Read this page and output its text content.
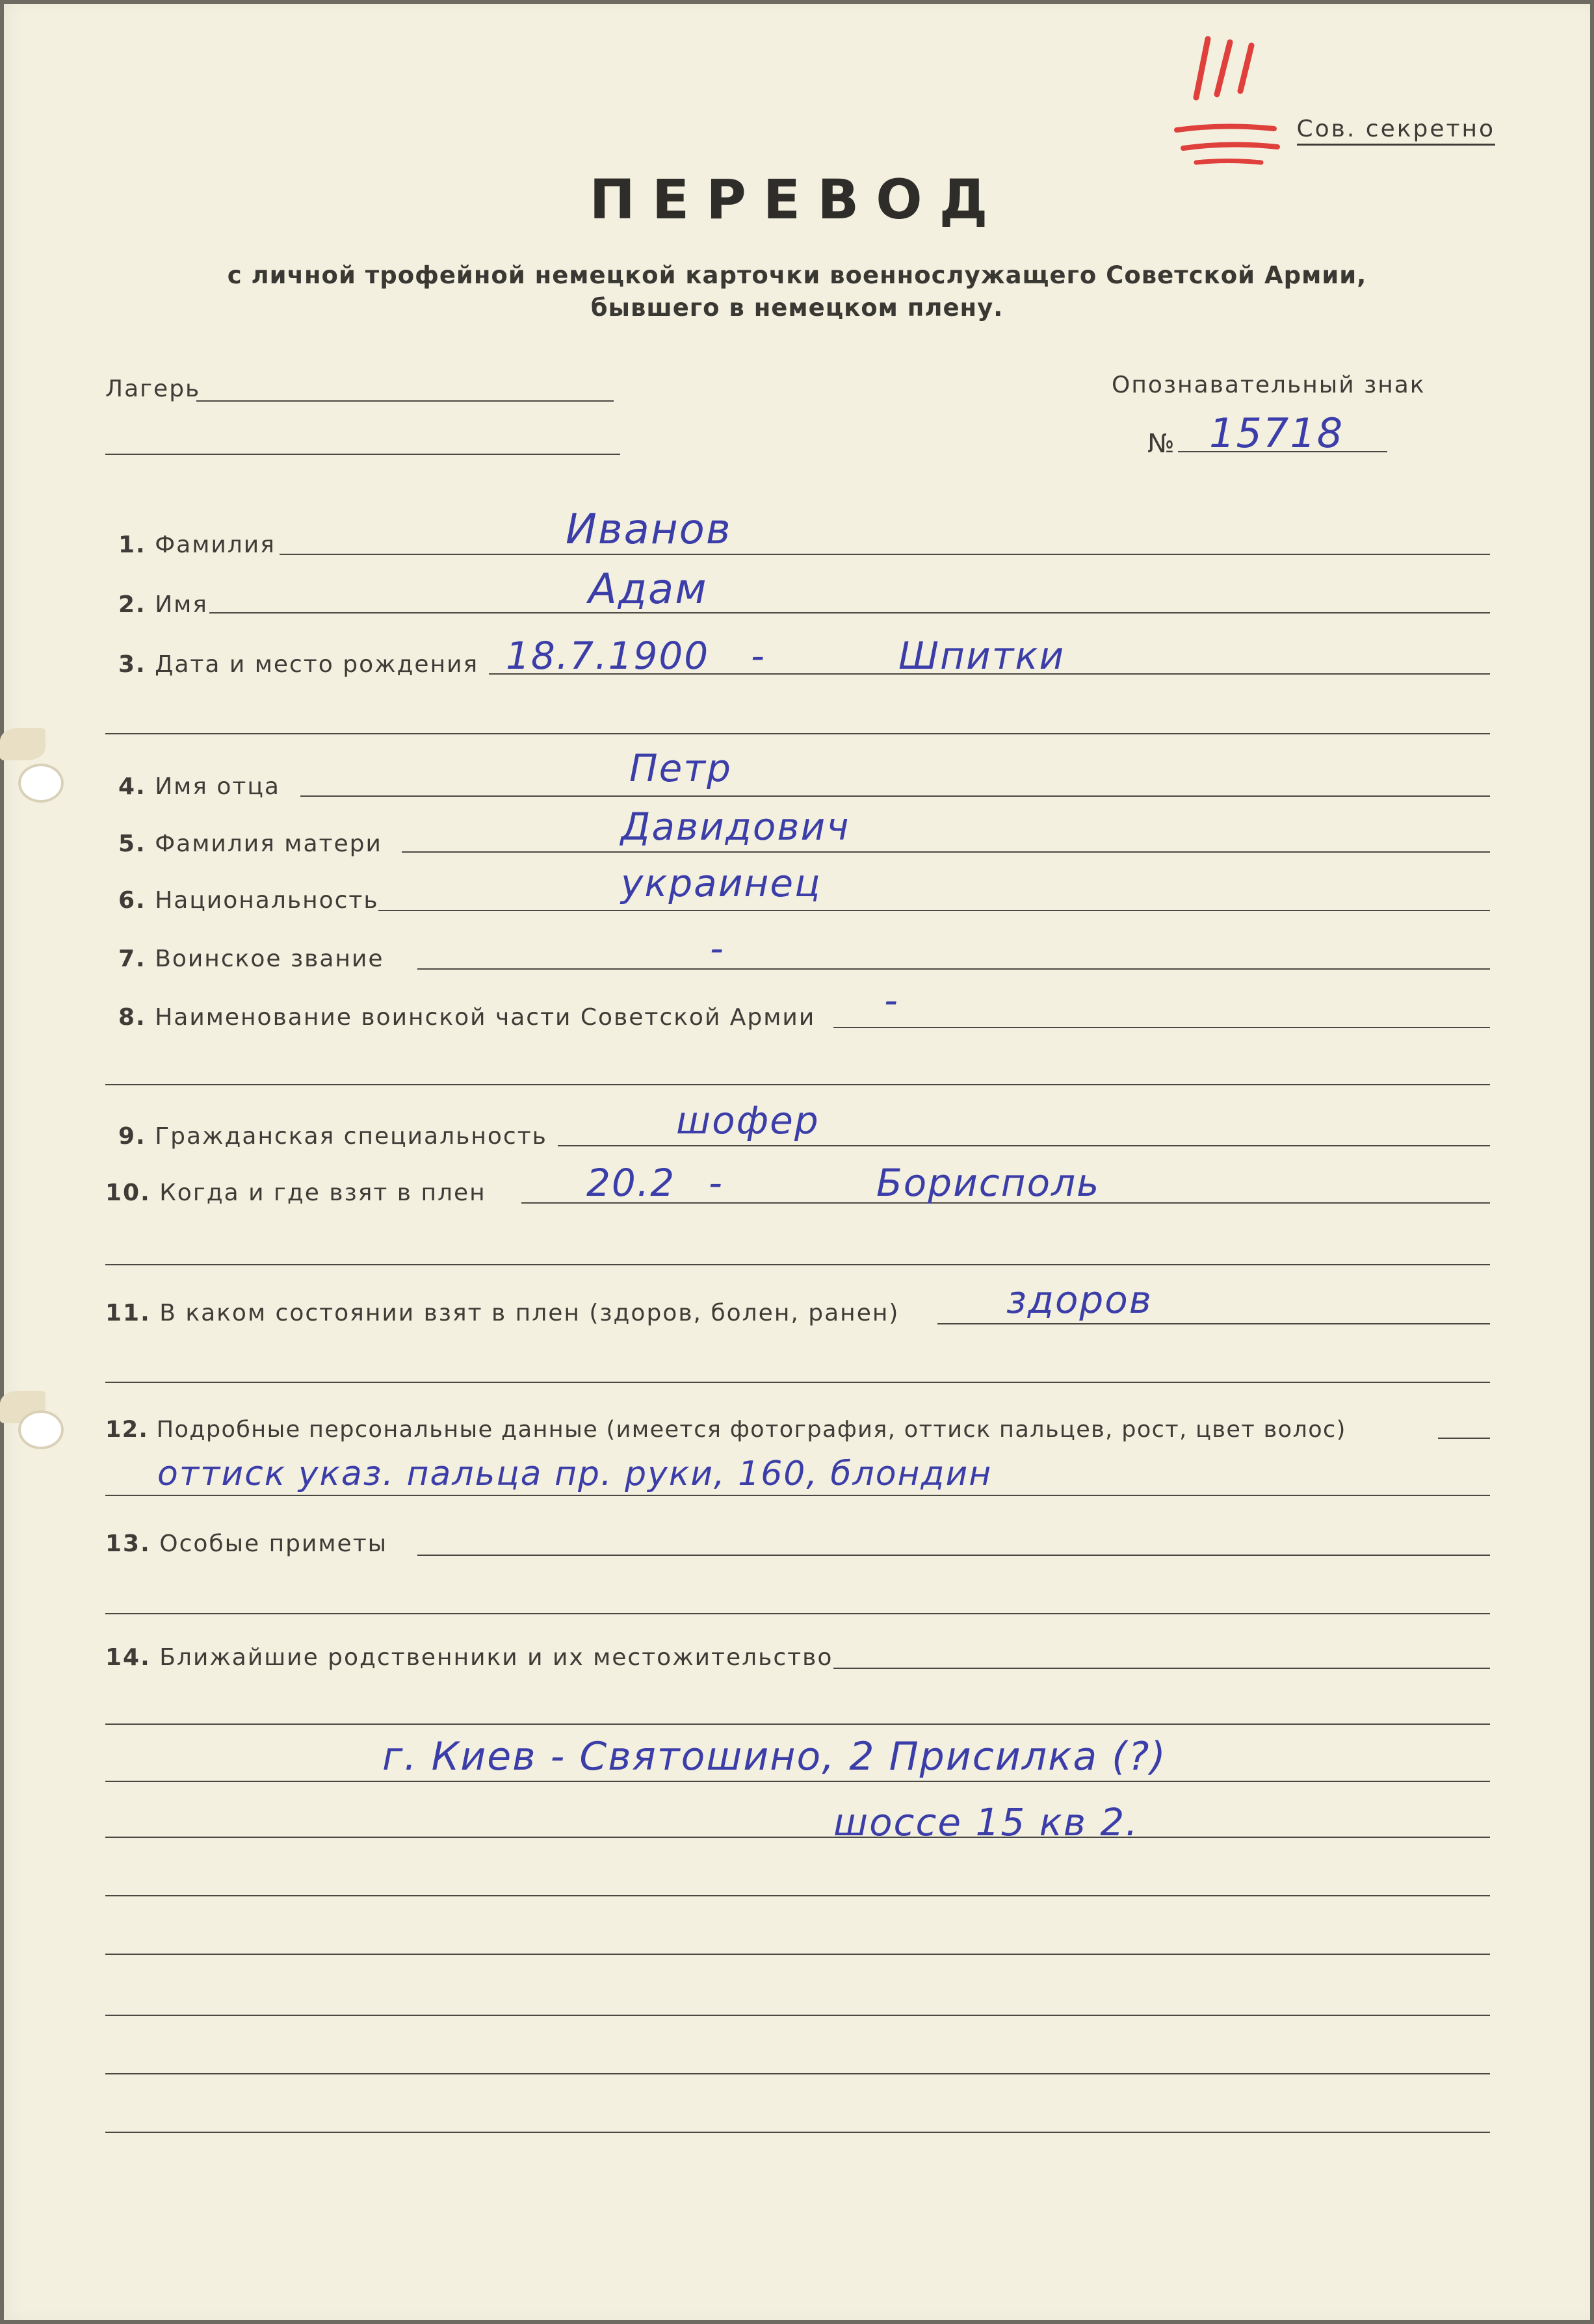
Сов. секретно
ПЕРЕВОД
с личной трофейной немецкой карточки военнослужащего Советской Армии,
бывшего в немецком плену.
Лагерь	Опознавательный знак
№ 15718
1. Фамилия	Иванов
2. Имя	Адам
3. Дата и место рождения 18.7.1900 -	Шпитки
4. Имя отца	Петр
5. Фамилия матери	Давидович
6. Национальность	украинец
7. Воинское звание	-
8. Наименование воинской части Советской Армии -
9. Гражданская специальность	шофер
10. Когда и где взят в плен	20.2 -	Борисполь
11. В каком состоянии взят в плен (здоров, болен, ранен)	здоров
12. Подробные персональные данные (имеется фотография, оттиск пальцев, рост, цвет волос)
оттиск указ. пальца пр. руки, 160, блондин
13. Особые приметы
14. Ближайшие родственники и их местожительство
г. Киев - Святошино, 2 Присилка (?)
шоссе 15 кв 2.
